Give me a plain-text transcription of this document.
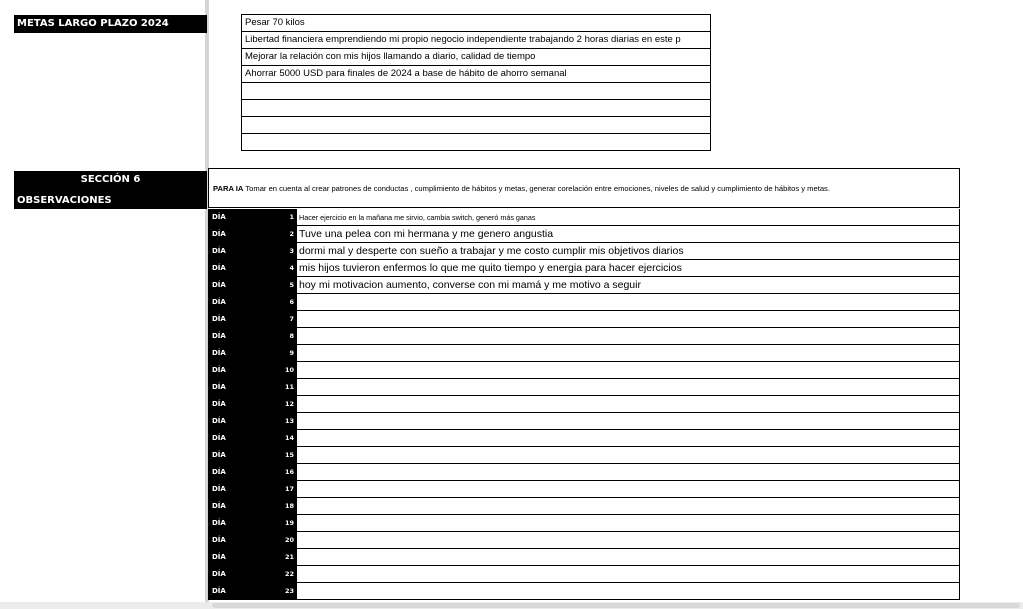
METAS LARGO PLAZO 2024	Pesar 70 kilos
Libertad financiera emprendiendo mi propio negocio independiente trabajando 2 horas diarias en este p
Mejorar la relación con mis hijos llamando a diario, calidad de tiempo
Ahorrar 5000 USD para finales de 2024 a base de hábito de ahorro semanal

SECCIÓN 6
OBSERVACIONES
PARA IA Tomar en cuenta al crear patrones de conductas , cumplimiento de hábitos y metas, generar corelación entre emociones, niveles de salud y cumplimiento de hábitos y metas.
DÍA	1 Hacer ejercicio en la mañana me sirvio, cambia switch, generó más ganas
DÍA	2 Tuve una pelea con mi hermana y me genero angustia
DÍA	3 dormi mal y desperte con sueño a trabajar y me costo cumplir mis objetivos diarios
DÍA	4 mis hijos tuvieron enfermos lo que me quito tiempo y energia para hacer ejercicios
DÍA	5 hoy mi motivacion aumento, converse con mi mamá y me motivo a seguir
DÍA	6
DÍA	7
DÍA	8
DÍA	9
DÍA	10
DÍA	11
DÍA	12
DÍA	13
DÍA	14
DÍA	15
DÍA	16
DÍA	17
DÍA	18
DÍA	19
DÍA	20
DÍA	21
DÍA	22
DÍA	23
